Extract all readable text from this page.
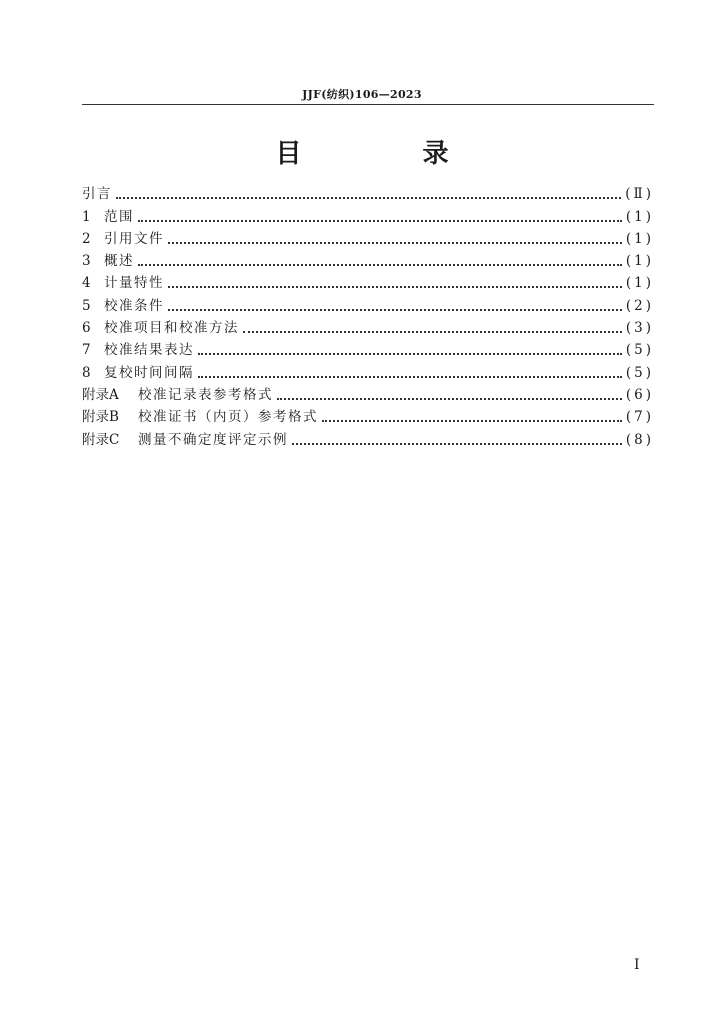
JJF(纺织)106—2023
目 录
引言	(Ⅱ)
1 范围	(1)
2 引用文件	(1)
3 概述	(1)
4 计量特性	(1)
5 校准条件	(2)
6 校准项目和校准方法	(3)
7 校准结果表达	(5)
8 复校时间间隔	(5)
附录A 校准记录表参考格式	(6)
附录B 校准证书（内页）参考格式	(7)
附录C 测量不确定度评定示例	(8)
Ⅰ
